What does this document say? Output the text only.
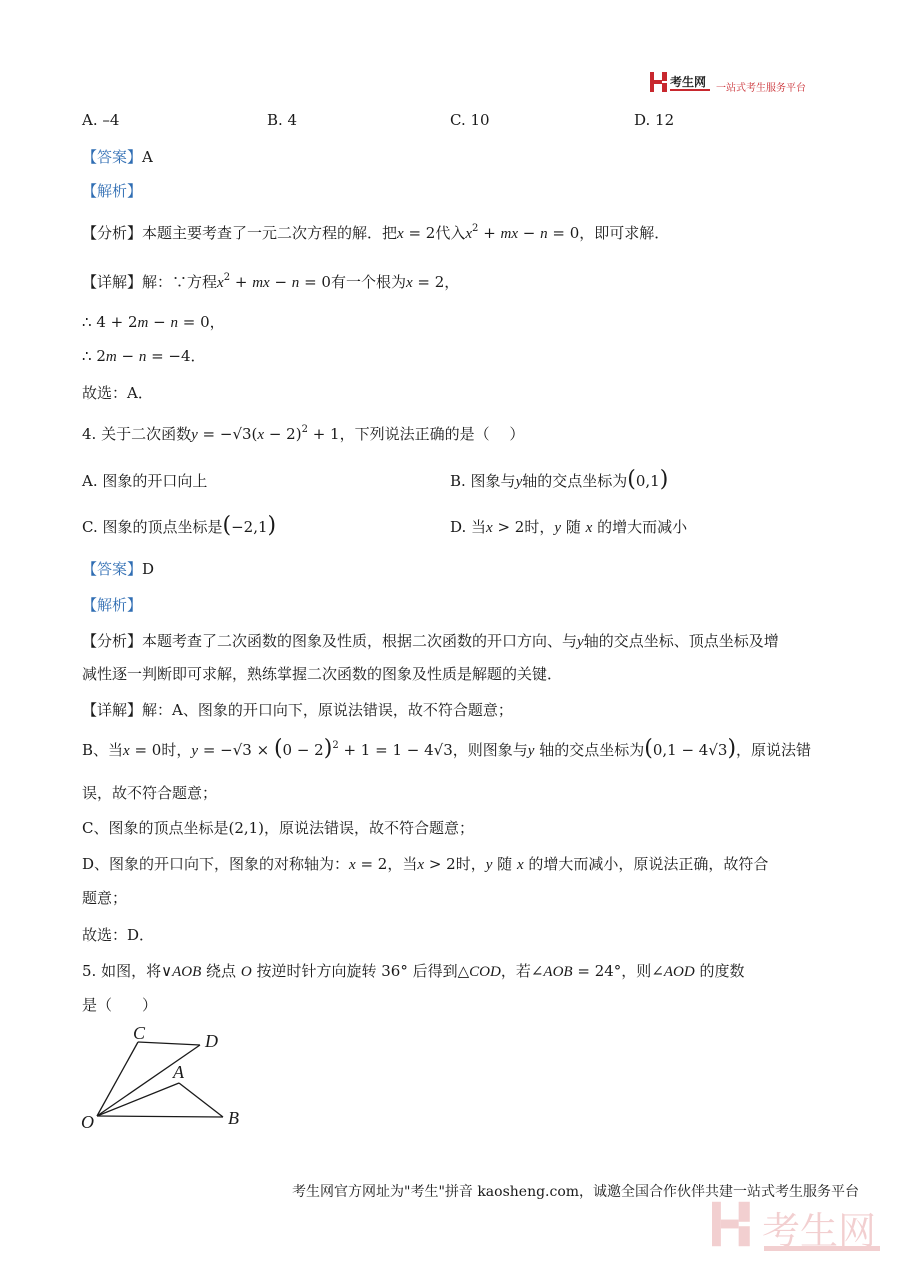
考生网 一站式考生服务平台
A. –4	B. 4	C. 10	D. 12
【答案】A
【解析】
【分析】本题主要考查了一元二次方程的解．把x = 2代入$x^2$ + mx − n = 0，即可求解．
【详解】解：∵方程$x^2$ + mx − n = 0有一个根为x = 2，
∴ 4 + 2m − n = 0，
∴ 2m − n = −4．
故选：A．
4. 关于二次函数$y = -√3(x - 2)^2 + 1$，下列说法正确的是（　 ）
A. 图象的开口向上	B. 图象与y轴的交点坐标为(0,1)
C. 图象的顶点坐标是(−2,1)	D. 当x > 2时，y 随 x 的增大而减小
【答案】D
【解析】
【分析】本题考查了二次函数的图象及性质，根据二次函数的开口方向、与y轴的交点坐标、顶点坐标及增
减性逐一判断即可求解，熟练掌握二次函数的图象及性质是解题的关键．
【详解】解：A、图象的开口向下，原说法错误，故不符合题意；
B、当x = 0时，$y = -√3 \times (0 - 2)^2 + 1 = 1 - 4√3$，则图象与y 轴的交点坐标为(0,1 − 4√3)，原说法错
误，故不符合题意；
C、图象的顶点坐标是(2,1)，原说法错误，故不符合题意；
D、图象的开口向下，图象的对称轴为：x = 2，当x > 2时，y 随 x 的增大而减小，原说法正确，故符合
题意；
故选：D．
5. 如图，将∨AOB 绕点 O 按逆时针方向旋转 36° 后得到△COD，若∠AOB = 24°，则∠AOD 的度数
是（　　）
C	D
A
O	B
考生网官方网址为"考生"拼音 kaosheng.com，诚邀全国合作伙伴共建一站式考生服务平台
考生网
